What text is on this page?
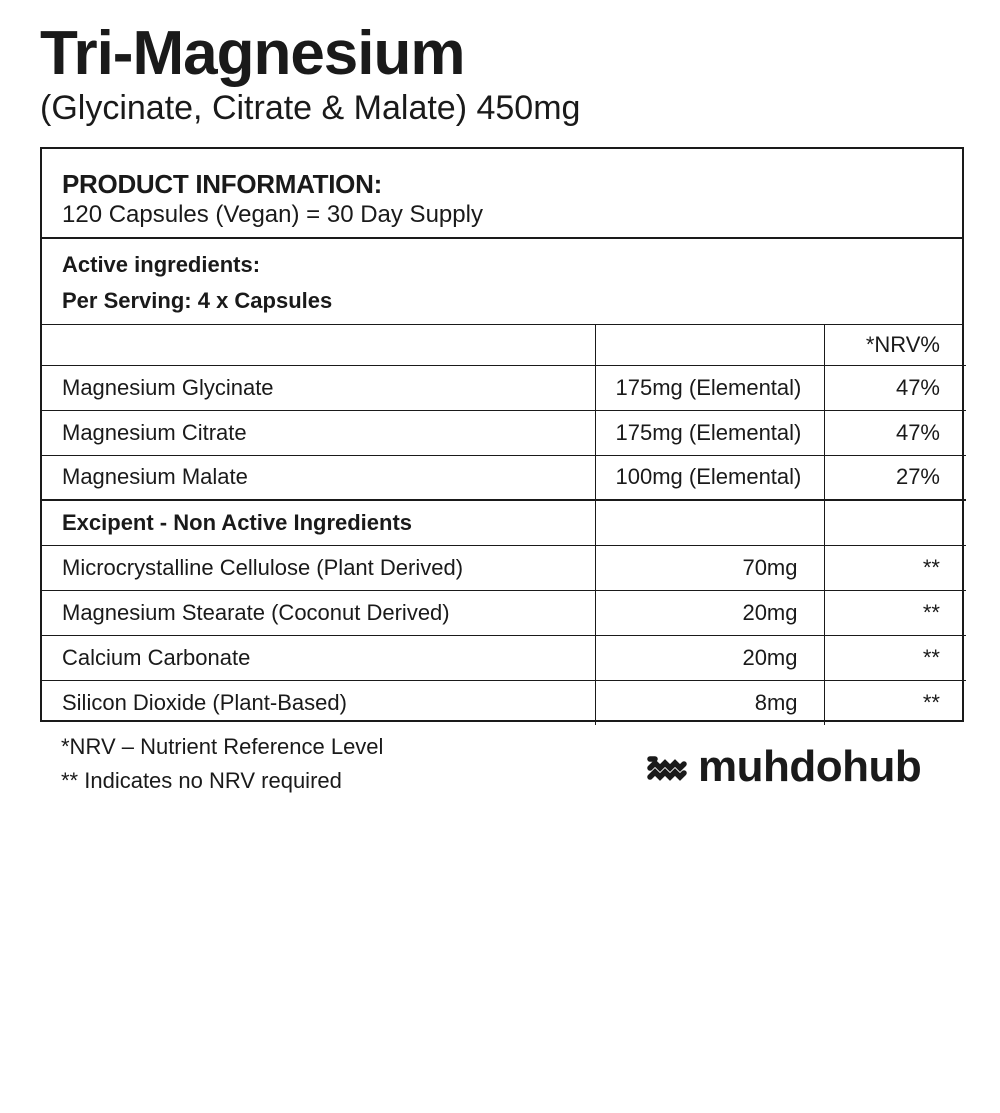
Tri-Magnesium
(Glycinate, Citrate & Malate) 450mg
PRODUCT INFORMATION:
120 Capsules (Vegan) = 30 Day Supply
Active ingredients:
Per Serving: 4 x Capsules
		*NRV%
Magnesium Glycinate	175mg (Elemental)	47%
Magnesium Citrate	175mg (Elemental)	47%
Magnesium Malate	100mg (Elemental)	27%
Excipent - Non Active Ingredients		
Microcrystalline Cellulose (Plant Derived)	70mg	**
Magnesium Stearate (Coconut Derived)	20mg	**
Calcium Carbonate	20mg	**
Silicon Dioxide (Plant-Based)	8mg	**
*NRV – Nutrient Reference Level
** Indicates no NRV required	muhdohub
